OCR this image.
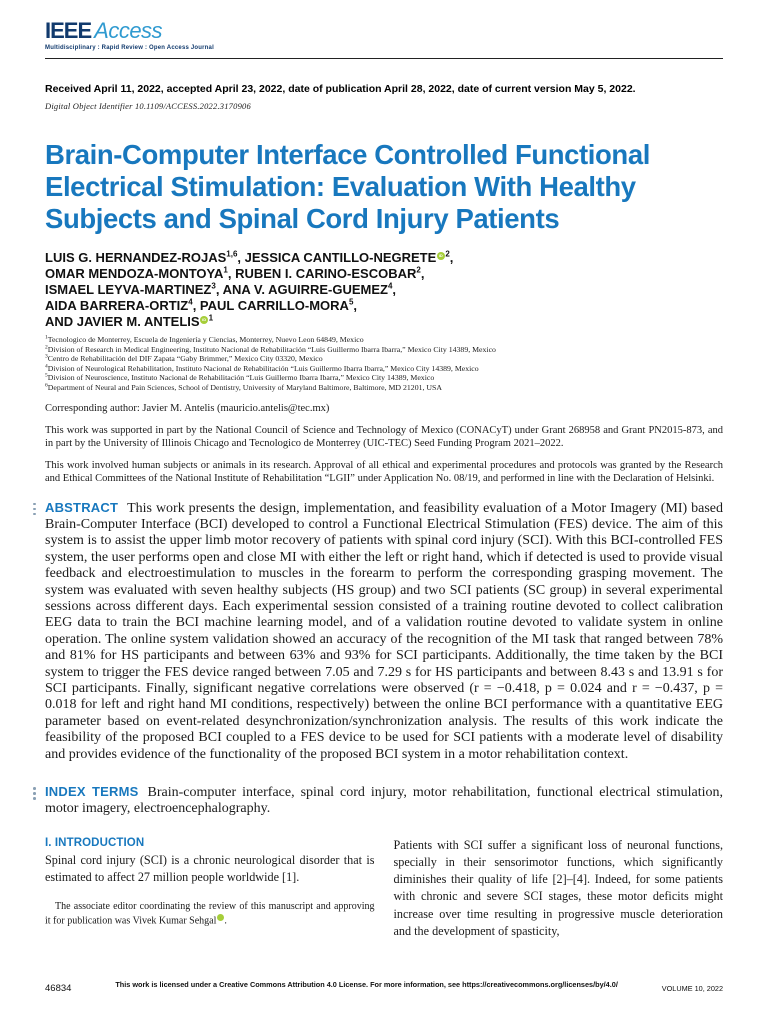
IEEE Access
Multidisciplinary : Rapid Review : Open Access Journal
Received April 11, 2022, accepted April 23, 2022, date of publication April 28, 2022, date of current version May 5, 2022.
Digital Object Identifier 10.1109/ACCESS.2022.3170906
Brain-Computer Interface Controlled Functional
Electrical Stimulation: Evaluation With Healthy
Subjects and Spinal Cord Injury Patients
LUIS G. HERNANDEZ-ROJAS$^{1,6}$, JESSICA CANTILLO-NEGRETE iD $^2$,
OMAR MENDOZA-MONTOYA$^1$, RUBEN I. CARINO-ESCOBAR$^2$,
ISMAEL LEYVA-MARTINEZ$^3$, ANA V. AGUIRRE-GUEMEZ$^4$,
AIDA BARRERA-ORTIZ$^4$, PAUL CARRILLO-MORA$^5$,
AND JAVIER M. ANTELIS iD $^1$
$^1$Tecnologico de Monterrey, Escuela de Ingeniería y Ciencias, Monterrey, Nuevo Leon 64849, Mexico
$^2$Division of Research in Medical Engineering, Instituto Nacional de Rehabilitación “Luis Guillermo Ibarra Ibarra,” Mexico City 14389, Mexico
$^3$Centro de Rehabilitación del DIF Zapata “Gaby Brimmer,” Mexico City 03320, Mexico
$^4$Division of Neurological Rehabilitation, Instituto Nacional de Rehabilitación “Luis Guillermo Ibarra Ibarra,” Mexico City 14389, Mexico
$^5$Division of Neuroscience, Instituto Nacional de Rehabilitación “Luis Guillermo Ibarra Ibarra,” Mexico City 14389, Mexico
$^6$Department of Neural and Pain Sciences, School of Dentistry, University of Maryland Baltimore, Baltimore, MD 21201, USA
Corresponding author: Javier M. Antelis (mauricio.antelis@tec.mx)
This work was supported in part by the National Council of Science and Technology of Mexico (CONACyT) under Grant 268958 and Grant PN2015-873, and in part by the University of Illinois Chicago and Tecnologico de Monterrey (UIC-TEC) Seed Funding Program 2021–2022.
This work involved human subjects or animals in its research. Approval of all ethical and experimental procedures and protocols was granted by the Research and Ethical Committees of the National Institute of Rehabilitation “LGII” under Application No. 08/19, and performed in line with the Declaration of Helsinki.
ABSTRACT This work presents the design, implementation, and feasibility evaluation of a Motor Imagery (MI) based Brain-Computer Interface (BCI) developed to control a Functional Electrical Stimulation (FES) device. The aim of this system is to assist the upper limb motor recovery of patients with spinal cord injury (SCI). With this BCI-controlled FES system, the user performs open and close MI with either the left or right hand, which if detected is used to provide visual feedback and electroestimulation to muscles in the forearm to perform the corresponding grasping movement. The system was evaluated with seven healthy subjects (HS group) and two SCI patients (SC group) in several experimental sessions across different days. Each experimental session consisted of a training routine devoted to collect calibration EEG data to train the BCI machine learning model, and of a validation routine devoted to validate system in online operation. The online system validation showed an accuracy of the recognition of the MI task that ranged between 78% and 81% for HS participants and between 63% and 93% for SCI participants. Additionally, the time taken by the BCI system to trigger the FES device ranged between 7.05 and 7.29 s for HS participants and between 8.43 s and 13.91 s for SCI participants. Finally, significant negative correlations were observed (r = −0.418, p = 0.024 and r = −0.437, p = 0.018 for left and right hand MI conditions, respectively) between the online BCI performance with a quantitative EEG parameter based on event-related desynchronization/synchronization analysis. The results of this work indicate the feasibility of the proposed BCI coupled to a FES device to be used for SCI patients with a moderate level of disability and provides evidence of the functionality of the proposed BCI system in a motor rehabilitation context.
INDEX TERMS Brain-computer interface, spinal cord injury, motor rehabilitation, functional electrical stimulation, motor imagery, electroencephalography.
I. INTRODUCTION
Spinal cord injury (SCI) is a chronic neurological disorder that is estimated to affect 27 million people worldwide [1].
The associate editor coordinating the review of this manuscript and approving it for publication was Vivek Kumar Sehgal	iD.
Patients with SCI suffer a significant loss of neuronal functions, specially in their sensorimotor functions, which significantly diminishes their quality of life [2]–[4]. Indeed, for some patients with chronic and severe SCI stages, these motor deficits might increase over time resulting in progressive muscle deterioration and the development of spasticity,
46834	This work is licensed under a Creative Commons Attribution 4.0 License. For more information, see https://creativecommons.org/licenses/by/4.0/	VOLUME 10, 2022
